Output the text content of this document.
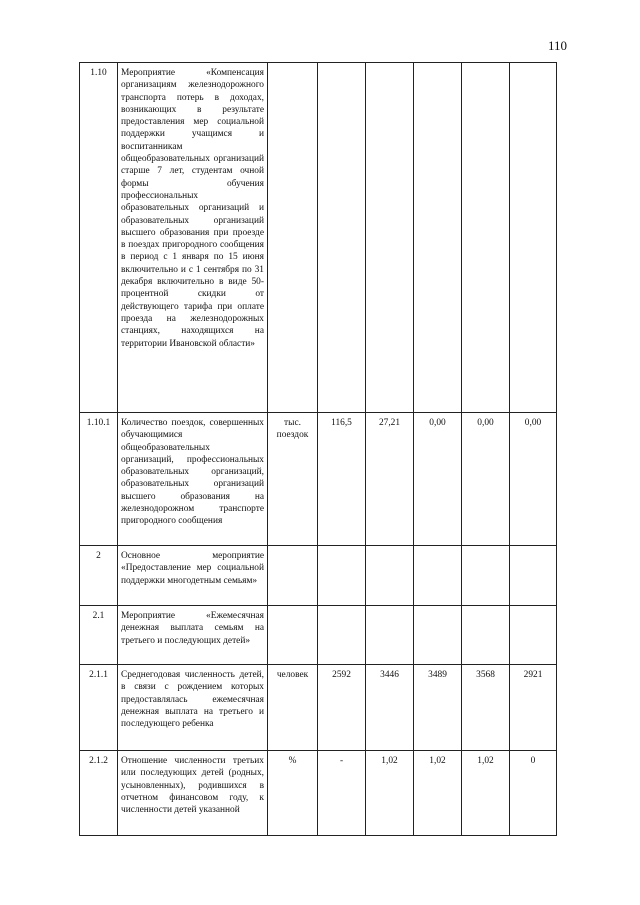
110
1.10	Мероприятие «Компенсация организациям железнодорожного транспорта потерь в доходах, возникающих в результате предоставления мер социальной поддержки учащимся и воспитанникам общеобразовательных организаций старше 7 лет, студентам очной формы обучения профессиональных образовательных организаций и образовательных организаций высшего образования при проезде в поездах пригородного сообщения в период с 1 января по 15 июня включительно и с 1 сентября по 31 декабря включительно в виде 50-процентной скидки от действующего тарифа при оплате проезда на железнодорожных станциях, находящихся на территории Ивановской области»						
1.10.1	Количество поездок, совершенных обучающимися общеобразовательных организаций, профессиональных образовательных организаций, образовательных организаций высшего образования на железнодорожном транспорте пригородного сообщения	тыс. поездок	116,5	27,21	0,00	0,00	0,00
2	Основное мероприятие «Предоставление мер социальной поддержки многодетным семьям»						
2.1	Мероприятие «Ежемесячная денежная выплата семьям на третьего и последующих детей»						
2.1.1	Среднегодовая численность детей, в связи с рождением которых предоставлялась ежемесячная денежная выплата на третьего и последующего ребенка	человек	2592	3446	3489	3568	2921
2.1.2	Отношение численности третьих или последующих детей (родных, усыновленных), родившихся в отчетном финансовом году, к численности детей указанной	%	-	1,02	1,02	1,02	0
